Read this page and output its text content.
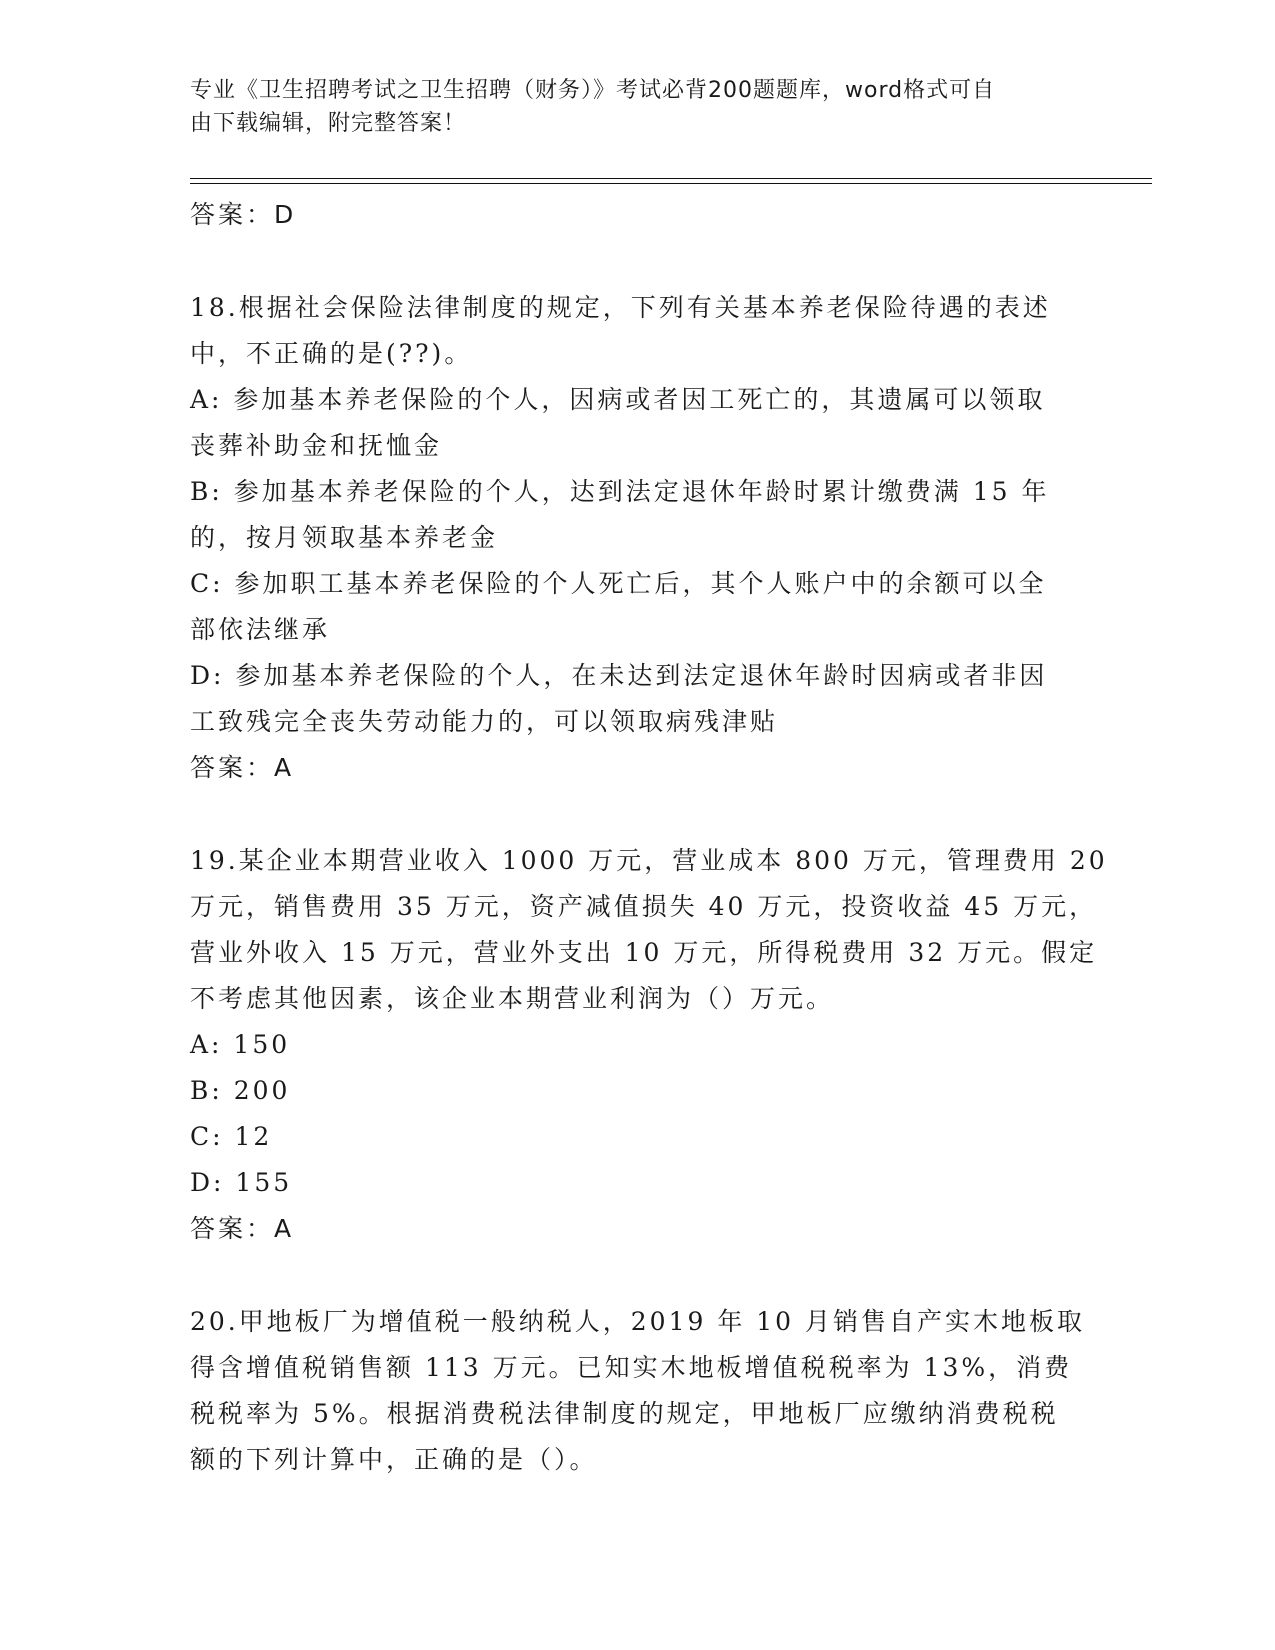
专业《卫生招聘考试之卫生招聘（财务）》考试必背200题题库，word格式可自
由下载编辑，附完整答案！

答案：D

18.根据社会保险法律制度的规定，下列有关基本养老保险待遇的表述

中，不正确的是(??)。

A: 参加基本养老保险的个人，因病或者因工死亡的，其遗属可以领取

丧葬补助金和抚恤金

B: 参加基本养老保险的个人，达到法定退休年龄时累计缴费满 15 年

的，按月领取基本养老金

C: 参加职工基本养老保险的个人死亡后，其个人账户中的余额可以全

部依法继承

D: 参加基本养老保险的个人，在未达到法定退休年龄时因病或者非因

工致残完全丧失劳动能力的，可以领取病残津贴

答案：A

19.某企业本期营业收入 1000 万元，营业成本 800 万元，管理费用 20

万元，销售费用 35 万元，资产减值损失 40 万元，投资收益 45 万元，

营业外收入 15 万元，营业外支出 10 万元，所得税费用 32 万元。假定

不考虑其他因素，该企业本期营业利润为（）万元。

A: 150

B: 200

C: 12

D: 155

答案：A

20.甲地板厂为增值税一般纳税人，2019 年 10 月销售自产实木地板取

得含增值税销售额 113 万元。已知实木地板增值税税率为 13%，消费

税税率为 5%。根据消费税法律制度的规定，甲地板厂应缴纳消费税税

额的下列计算中，正确的是（）。
